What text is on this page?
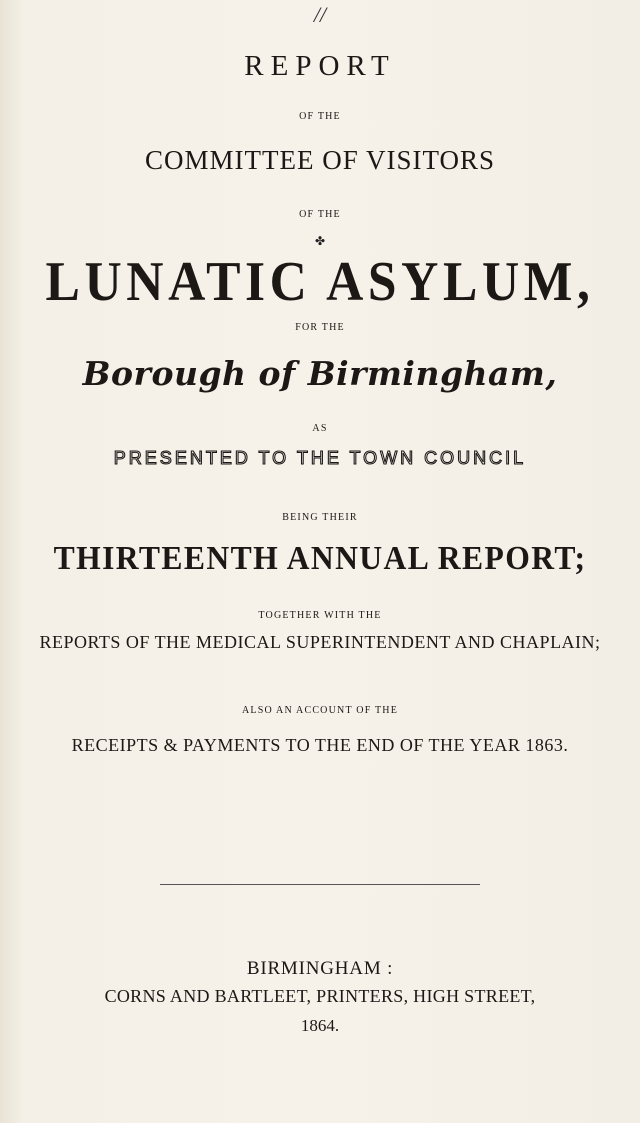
//
REPORT
OF THE
COMMITTEE OF VISITORS
OF THE
✤
LUNATIC ASYLUM,
FOR THE
Borough of Birmingham,
AS
PRESENTED TO THE TOWN COUNCIL
BEING THEIR
THIRTEENTH ANNUAL REPORT;
TOGETHER WITH THE
REPORTS OF THE MEDICAL SUPERINTENDENT AND CHAPLAIN;
ALSO AN ACCOUNT OF THE
RECEIPTS & PAYMENTS TO THE END OF THE YEAR 1863.
BIRMINGHAM :
CORNS AND BARTLEET, PRINTERS, HIGH STREET,
1864.
